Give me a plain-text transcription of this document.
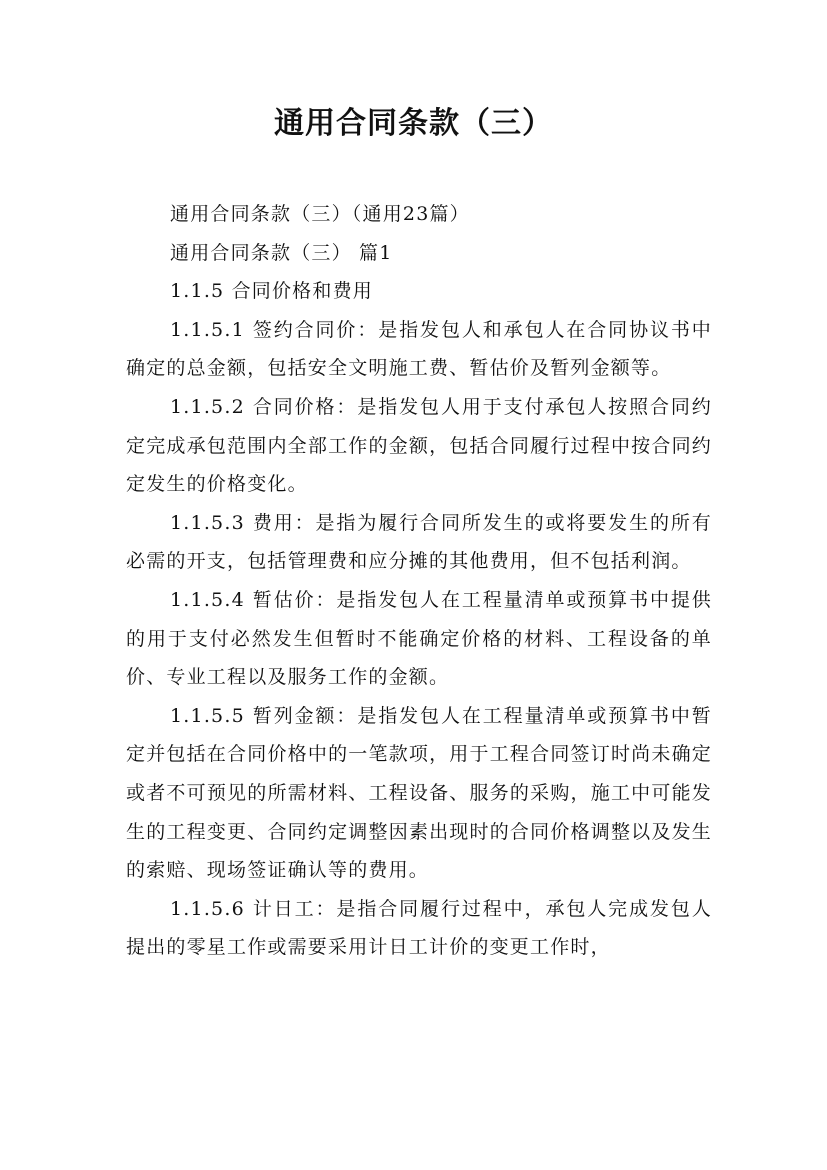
通用合同条款（三）

通用合同条款（三）（通用23篇）

通用合同条款（三） 篇1

1.1.5 合同价格和费用

1.1.5.1 签约合同价：是指发包人和承包人在合同协议书中确定的总金额，包括安全文明施工费、暂估价及暂列金额等。

1.1.5.2 合同价格：是指发包人用于支付承包人按照合同约定完成承包范围内全部工作的金额，包括合同履行过程中按合同约定发生的价格变化。

1.1.5.3 费用：是指为履行合同所发生的或将要发生的所有必需的开支，包括管理费和应分摊的其他费用，但不包括利润。

1.1.5.4 暂估价：是指发包人在工程量清单或预算书中提供的用于支付必然发生但暂时不能确定价格的材料、工程设备的单价、专业工程以及服务工作的金额。

1.1.5.5 暂列金额：是指发包人在工程量清单或预算书中暂定并包括在合同价格中的一笔款项，用于工程合同签订时尚未确定或者不可预见的所需材料、工程设备、服务的采购，施工中可能发生的工程变更、合同约定调整因素出现时的合同价格调整以及发生的索赔、现场签证确认等的费用。

1.1.5.6 计日工：是指合同履行过程中，承包人完成发包人提出的零星工作或需要采用计日工计价的变更工作时，
